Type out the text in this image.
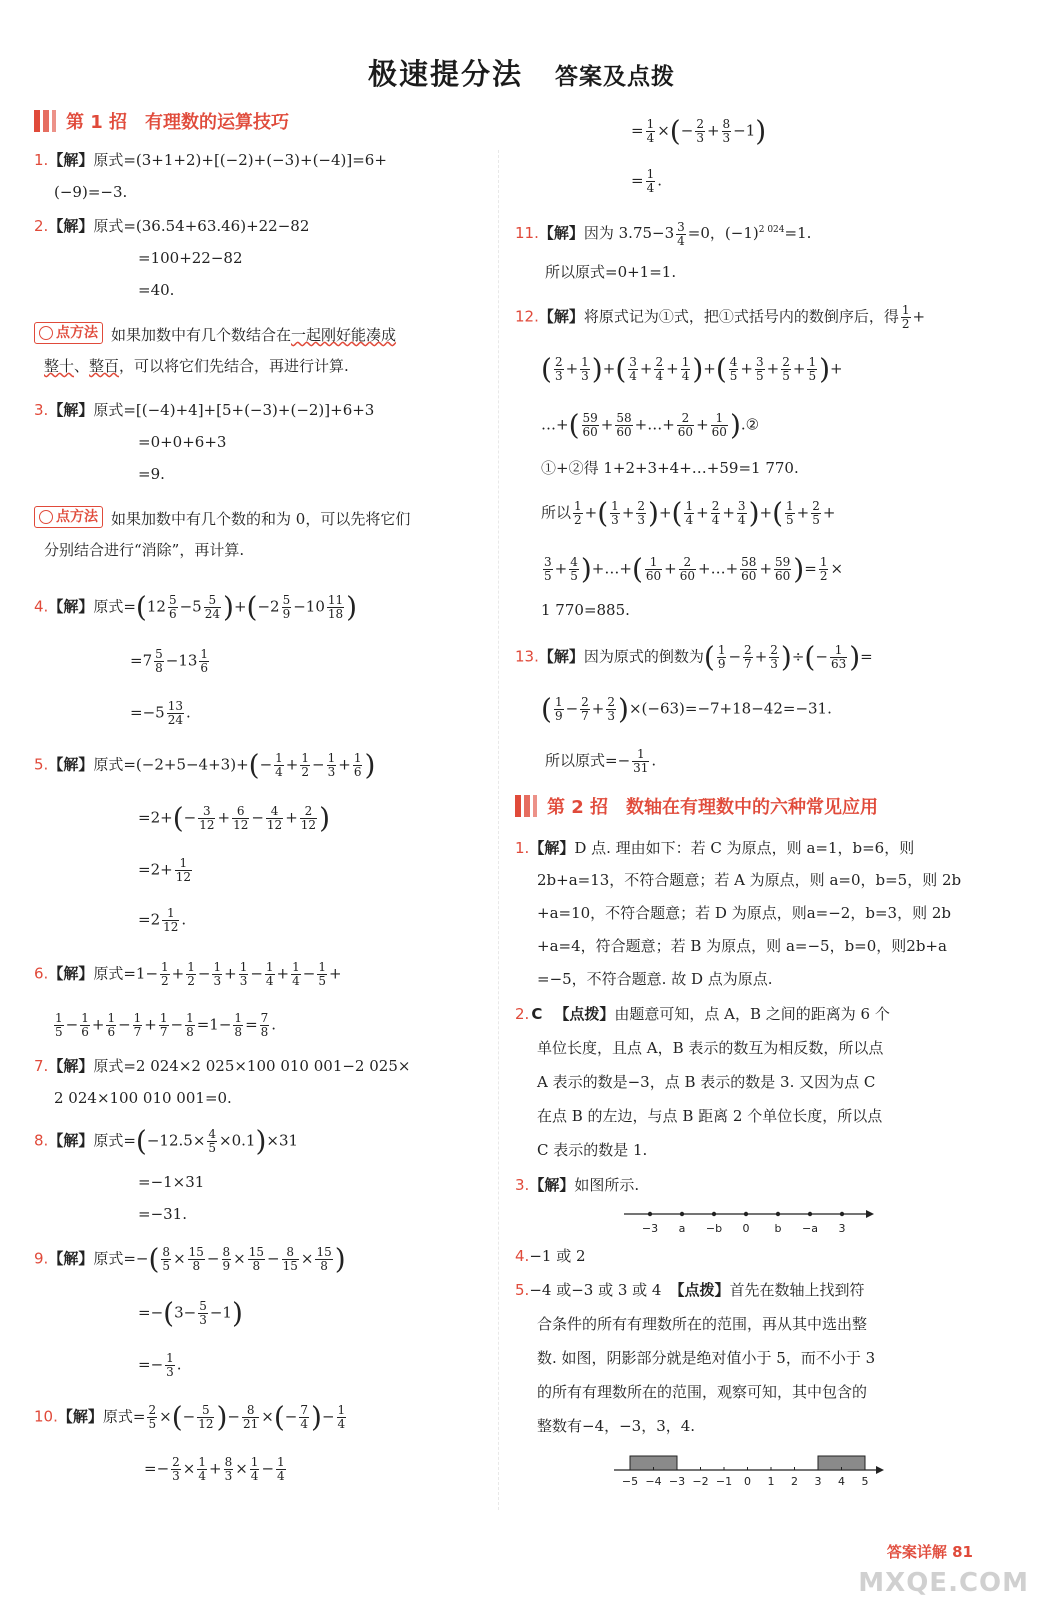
极速提分法 答案及点拨
第 1 招　有理数的运算技巧
1.【解】原式=(3+1+2)+[(−2)+(−3)+(−4)]=6+
(−9)=−3.
2.【解】原式=(36.54+63.46)+22−82
=100+22−82
=40.
点方法 如果加数中有几个数结合在一起刚好能凑成
整十、整百，可以将它们先结合，再进行计算.
3.【解】原式=[(−4)+4]+[5+(−3)+(−2)]+6+3
=0+0+6+3
=9.
点方法 如果加数中有几个数的和为 0，可以先将它们
分别结合进行“消除”，再计算.
4.【解】原式$=(12 \frac{5}{6} -5 \frac{5}{24} )+(-2 \frac{5}{9} -10 \frac{11}{18}$ )
$=7 \frac{5}{8} -13 \frac{1}{6}$
$=-5 \frac{13}{24}$ .
5.【解】原式$=(-2+5-4+3)+(- \frac{1}{4} + \frac{1}{2} - \frac{1}{3} + \frac{1}{6}$ )
$=2+(- \frac{3}{12} + \frac{6}{12} - \frac{4}{12} + \frac{2}{12}$ )
$=2+ \frac{1}{12}$
$=2 \frac{1}{12}$ .
6.【解】原式$=1- \frac{1}{2} + \frac{1}{2} - \frac{1}{3} + \frac{1}{3} - \frac{1}{4} + \frac{1}{4} - \frac{1}{5}$ +
$\frac{1}{5} - \frac{1}{6} + \frac{1}{6} - \frac{1}{7} + \frac{1}{7} - \frac{1}{8} =1- \frac{1}{8} = \frac{7}{8}$ .
7.【解】原式=2 024×2 025×100 010 001−2 025×
2 024×100 010 001=0.
8.【解】原式$=(-12.5\times \frac{4}{5} \times 0.1)\times 31$
=−1×31
=−31.
9.【解】原式=−( $\frac{8}{5} \times \frac{15}{8} - \frac{8}{9} \times \frac{15}{8} - \frac{8}{15} \times \frac{15}{8}$ )
$=-(3- \frac{5}{3} -1)$
=− $\frac{1}{3}$ .
10.【解】原式= $\frac{2}{5}$ ×(− $\frac{5}{12}$ )− $\frac{8}{21}$ ×(− $\frac{7}{4}$ )− $\frac{1}{4}$
=− $\frac{2}{3} \times \frac{1}{4} + \frac{8}{3} \times \frac{1}{4} - \frac{1}{4}$
= $\frac{1}{4}$ ×(− $\frac{2}{3} + \frac{8}{3} -1$)
= $\frac{1}{4}$ .
11.【解】因为 $3.75-3 \frac{3}{4} =0$，$(-1)^{2 024}=1$.
所以原式=0+1=1.
12.【解】将原式记为①式，把①式括号内的数倒序后，得 $\frac{1}{2}$ +
( $\frac{2}{3} + \frac{1}{3}$ )+( $\frac{3}{4} + \frac{2}{4} + \frac{1}{4}$ )+( $\frac{4}{5} + \frac{3}{5} + \frac{2}{5} + \frac{1}{5}$ )+
…+( $\frac{59}{60} + \frac{58}{60}$ +…+ $\frac{2}{60} + \frac{1}{60}$ ).②
①+②得 1+2+3+4+…+59=1 770.
所以 $\frac{1}{2}$ +( $\frac{1}{3} + \frac{2}{3}$ )+( $\frac{1}{4} + \frac{2}{4} + \frac{3}{4}$ )+( $\frac{1}{5} + \frac{2}{5}$ +
$\frac{3}{5} + \frac{4}{5}$ )+…+( $\frac{1}{60} + \frac{2}{60}$ +…+ $\frac{58}{60} + \frac{59}{60}$ )= $\frac{1}{2}$ ×
1 770=885.
13.【解】因为原式的倒数为( $\frac{1}{9} - \frac{2}{7} + \frac{2}{3}$ )÷(− $\frac{1}{63}$ )=
( $\frac{1}{9} - \frac{2}{7} + \frac{2}{3} )\times(-63)=-7+18-42=-31$.
所以原式=− $\frac{1}{31}$ .
第 2 招　数轴在有理数中的六种常见应用
1.【解】D 点. 理由如下：若 C 为原点，则 a=1，b=6，则
2b+a=13，不符合题意；若 A 为原点，则 a=0，b=5，则 2b
+a=10，不符合题意；若 D 为原点，则a=−2，b=3，则 2b
+a=4，符合题意；若 B 为原点，则 a=−5，b=0，则2b+a
=−5，不符合题意. 故 D 点为原点.
2. C 【点拨】由题意可知，点 A，B 之间的距离为 6 个
单位长度，且点 A，B 表示的数互为相反数，所以点
A 表示的数是−3，点 B 表示的数是 3. 又因为点 C
在点 B 的左边，与点 B 距离 2 个单位长度，所以点
C 表示的数是 1.
3.【解】如图所示.
−3 a −b 0 b −a 3
4.−1 或 2
5.−4 或−3 或 3 或 4 【点拨】首先在数轴上找到符
合条件的所有有理数所在的范围，再从其中选出整
数. 如图，阴影部分就是绝对值小于 5，而不小于 3
的所有有理数所在的范围，观察可知，其中包含的
整数有−4，−3，3，4.
−5 −4 −3 −2 −1 0 1 2 3 4 5
答案详解 81
MXQE.COM
